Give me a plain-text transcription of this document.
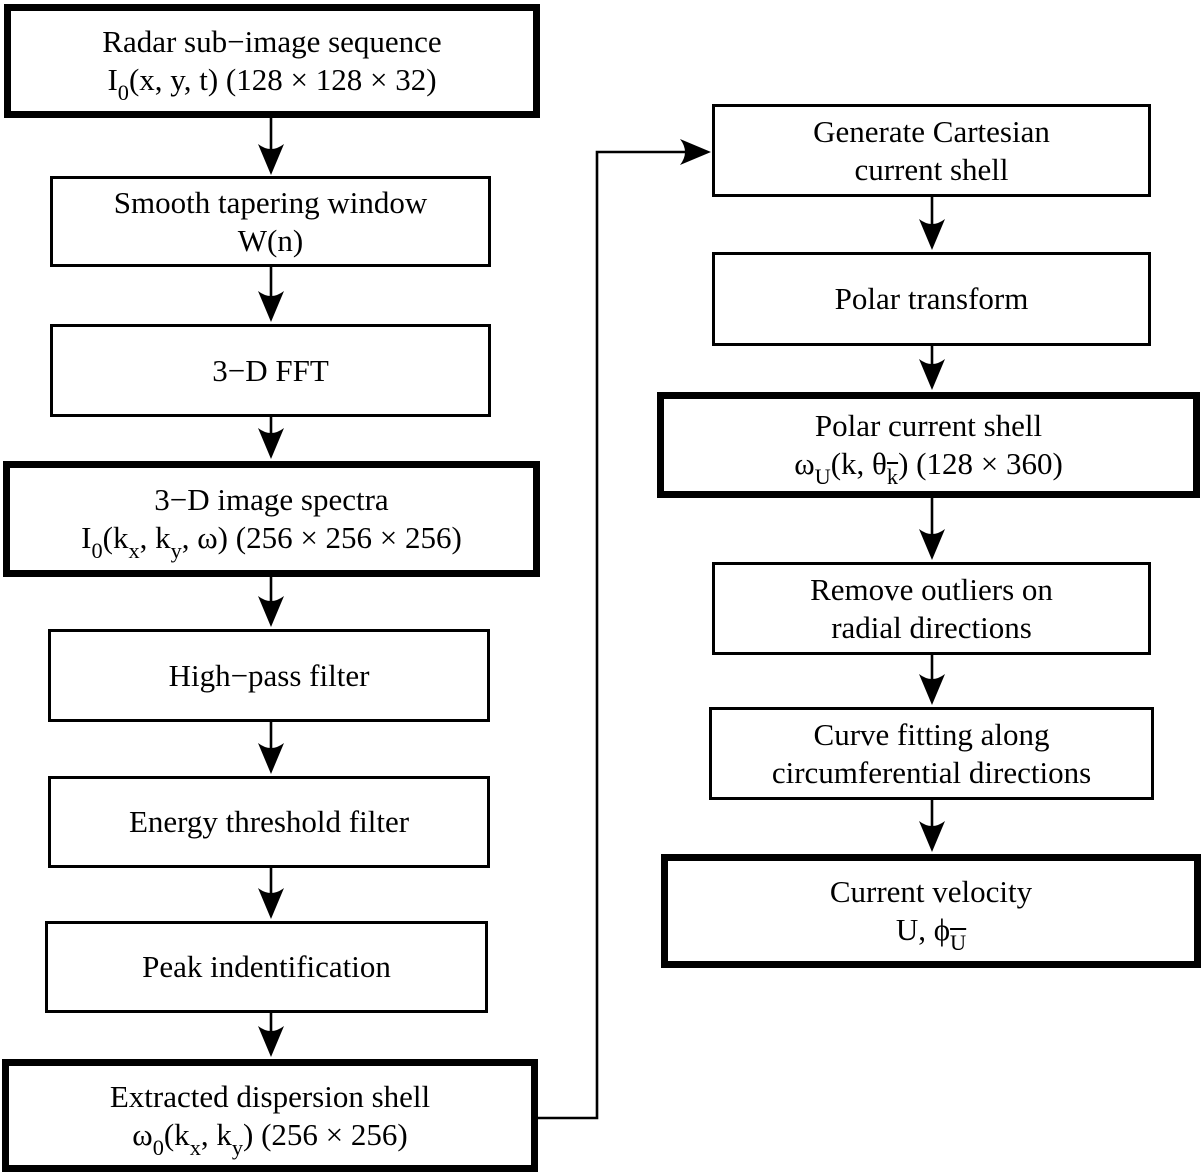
Radar sub−image sequence
$I_0(x$, y, t) (128 × 128 × 32)
Smooth tapering window
W(n)
3−D FFT
3−D image spectra
$I_0(k_x$, $k_y$, ω) (256 × 256 × 256)
High−pass filter
Energy threshold filter
Peak indentification
Extracted dispersion shell
$\omega_0(k_x$, $k_y$) (256 × 256)
Generate Cartesian
current shell
Polar transform
Polar current shell
$\omega_U(k$, $\theta_{\overline{k}}$) (128 × 360)
Remove outliers on
radial directions
Curve fitting along
circumferential directions
Current velocity
U, $\phi_{\overline{U}}$
